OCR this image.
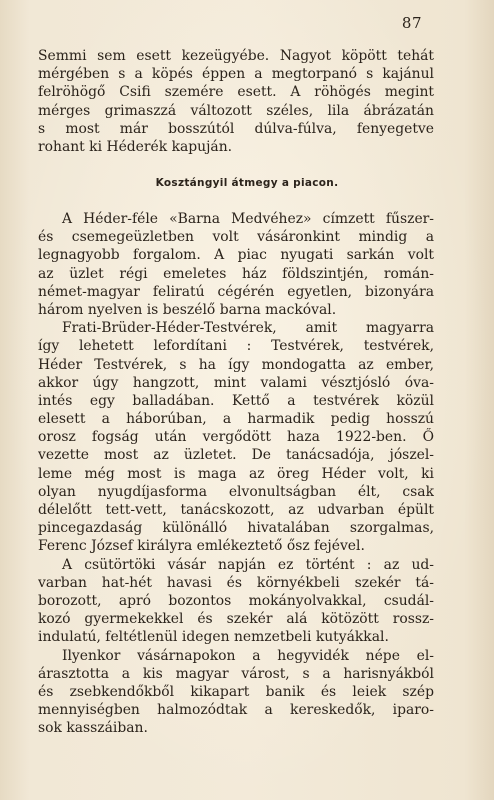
87
Semmi sem esett kezeügyébe. Nagyot köpött tehát
mérgében s a köpés éppen a megtorpanó s kajánul
felröhögő Csifi szemére esett. A röhögés megint
mérges grimaszzá változott széles, lila ábrázatán
s most már bosszútól dúlva-fúlva, fenyegetve
rohant ki Héderék kapuján.
Kosztángyil átmegy a piacon.
A Héder-féle «Barna Medvéhez» címzett fűszer-
és csemegeüzletben volt vásáronkint mindig a
legnagyobb forgalom. A piac nyugati sarkán volt
az üzlet régi emeletes ház földszintjén, román-
német-magyar feliratú cégérén egyetlen, bizonyára
három nyelven is beszélő barna mackóval.
Frati-Brüder-Héder-Testvérek, amit magyarra
így lehetett lefordítani : Testvérek, testvérek,
Héder Testvérek, s ha így mondogatta az ember,
akkor úgy hangzott, mint valami vésztjósló óva-
intés egy balladában. Kettő a testvérek közül
elesett a háborúban, a harmadik pedig hosszú
orosz fogság után vergődött haza 1922-ben. Ő
vezette most az üzletet. De tanácsadója, jószel-
leme még most is maga az öreg Héder volt, ki
olyan nyugdíjasforma elvonultságban élt, csak
délelőtt tett-vett, tanácskozott, az udvarban épült
pincegazdaság különálló hivatalában szorgalmas,
Ferenc József királyra emlékeztető ősz fejével.
A csütörtöki vásár napján ez történt : az ud-
varban hat-hét havasi és környékbeli szekér tá-
borozott, apró bozontos mokányolvakkal, csudál-
kozó gyermekekkel és szekér alá kötözött rossz-
indulatú, feltétlenül idegen nemzetbeli kutyákkal.
Ilyenkor vásárnapokon a hegyvidék népe el-
árasztotta a kis magyar várost, s a harisnyákból
és zsebkendőkből kikapart banik és leiek szép
mennyiségben halmozódtak a kereskedők, iparo-
sok kasszáiban.
